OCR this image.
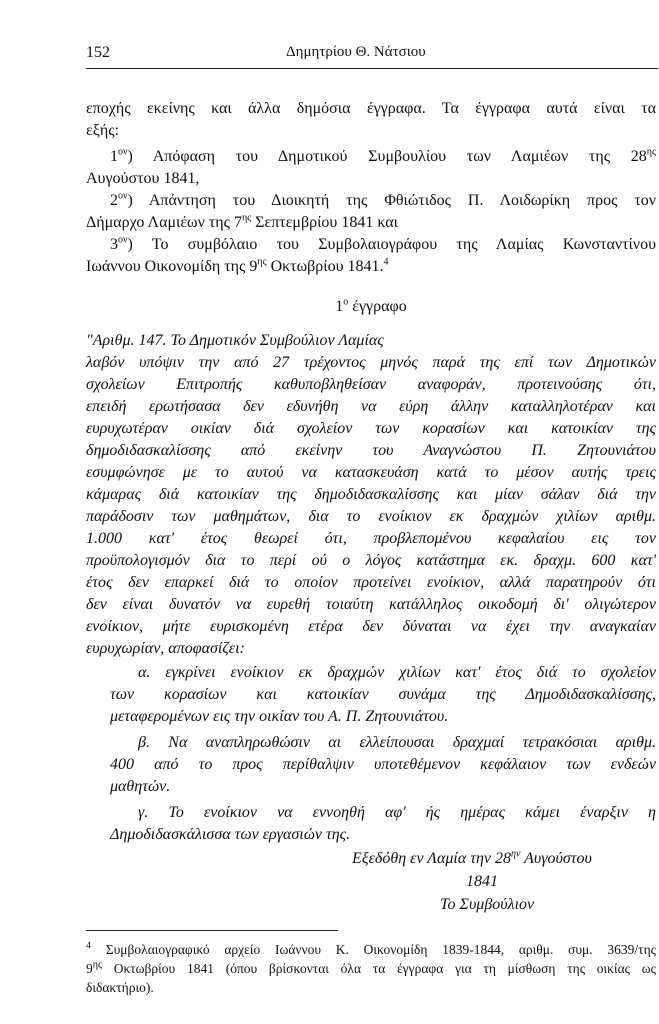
152	Δημητρίου Θ. Νάτσιου
εποχής εκείνης και άλλα δημόσια έγγραφα. Τα έγγραφα αυτά είναι τα
εξής:
$1^{o\nu}$) Απόφαση του Δημοτικού Συμβουλίου των Λαμιέων της $28^{\eta\varsigma}$
Αυγούστου 1841,
$2^{o\nu}$) Απάντηση του Διοικητή της Φθιώτιδος Π. Λοιδωρίκη προς τον
Δήμαρχο Λαμιέων της $7^{\eta\varsigma}$ Σεπτεμβρίου 1841 και
$3^{o\nu}$) Το συμβόλαιο του Συμβολαιογράφου της Λαμίας Κωνσταντίνου
Ιωάννου Οικονομίδη της $9^{\eta\varsigma}$ Οκτωβρίου 1841.$^4$
$1^o$ έγγραφο
"Αριθμ. 147. Το Δημοτικόν Συμβούλιον Λαμίας
λαβόν υπόψιν την από 27 τρέχοντος μηνός παρά της επί των Δημοτικών
σχολείων Επιτροπής καθυποβληθείσαν αναφοράν, προτεινούσης ότι,
επειδή ερωτήσασα δεν εδυνήθη να εύρη άλλην καταλληλοτέραν και
ευρυχωτέραν οικίαν διά σχολείον των κορασίων και κατοικίαν της
δημοδιδασκαλίσσης από εκείνην του Αναγνώστου Π. Ζητουνιάτου
εσυμφώνησε με το αυτού να κατασκευάση κατά το μέσον αυτής τρεις
κάμαρας διά κατοικίαν της δημοδιδασκαλίσσης και μίαν σάλαν διά την
παράδοσιν των μαθημάτων, δια το ενοίκιον εκ δραχμών χιλίων αριθμ.
1.000 κατ' έτος θεωρεί ότι, προβλεπομένου κεφαλαίου εις τον
προϋπολογισμόν δια το περί ού ο λόγος κατάστημα εκ. δραχμ. 600 κατ'
έτος δεν επαρκεί διά το οποίον προτείνει ενοίκιον, αλλά παρατηρούν ότι
δεν είναι δυνατόν να ευρεθή τοιαύτη κατάλληλος οικοδομή δι' ολιγώτερον
ενοίκιον, μήτε ευρισκομένη ετέρα δεν δύναται να έχει την αναγκαίαν
ευρυχωρίαν, αποφασίζει:
α. εγκρίνει ενοίκιον εκ δραχμών χιλίων κατ' έτος διά το σχολείον
των κορασίων και κατοικίαν συνάμα της Δημοδιδασκαλίσσης,
μεταφερομένων εις την οικίαν του Α. Π. Ζητουνιάτου.
β. Να αναπληρωθώσιν αι ελλείπουσαι δραχμαί τετρακόσιαι αριθμ.
400 από το προς περίθαλψιν υποτεθέμενον κεφάλαιον των ενδεών
μαθητών.
γ. Το ενοίκιον να εννοηθή αφ' ής ημέρας κάμει έναρξιν η
Δημοδιδασκάλισσα των εργασιών της.
Εξεδόθη εν Λαμία την $28^{\eta\nu}$ Αυγούστου
1841
Το Συμβούλιον
$^4$ Συμβολαιογραφικό αρχείο Ιωάννου Κ. Οικονομίδη 1839-1844, αριθμ. συμ. 3639/της
$9^{\eta\varsigma}$ Οκτωβρίου 1841 (όπου βρίσκονται όλα τα έγγραφα για τη μίσθωση της οικίας ως
διδακτήριο).
